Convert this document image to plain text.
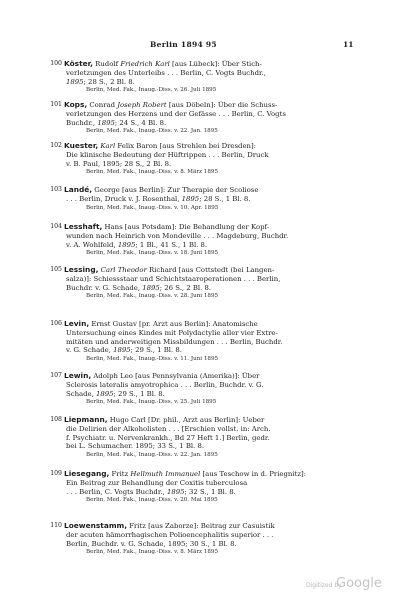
Berlin 1894 95	11
100 Köster, Rudolf Friedrich Karl [aus Lübeck]: Über Stich-
verletzungen des Unterleibs . . . Berlin, C. Vogts Buchdr.,
1895; 28 S., 2 Bl. 8.
Berlin, Med. Fak., Inaug.-Diss. v. 26. Juli 1895
101 Kops, Conrad Joseph Robert [aus Döbeln]: Über die Schuss-
verletzungen des Herzens und der Gefässe . . . Berlin, C. Vogts
Buchdr., 1895; 24 S., 4 Bl. 8.
Berlin, Med. Fak., Inaug.-Diss. v. 22. Jan. 1895
102 Kuester, Karl Felix Baron [aus Strehlen bei Dresden]:
Die klinische Bedeutung der Hüftrippen . . . Berlin, Druck
v. B. Paul, 1895; 28 S., 2 Bl. 8.
Berlin, Med. Fak., Inaug.-Diss. v. 8. März 1895
103 Landé, George [aus Berlin]: Zur Therapie der Scoliose
. . . Berlin, Druck v. J. Rosenthal, 1895; 28 S., 1 Bl. 8.
Berlin, Med. Fak., Inaug.-Diss. v. 10. Apr. 1895
104 Lesshaft, Hans [aus Potsdam]: Die Behandlung der Kopf-
wunden nach Heinrich von Mondeville . . . Magdeburg, Buchdr.
v. A. Wohlfeld, 1895; 1 Bl., 41 S., 1 Bl. 8.
Berlin, Med. Fak., Inaug.-Diss. v. 18. Juni 1895
105 Lessing, Carl Theodor Richard [aus Cottstedt (bei Langen-
salza)]: Schiessstaar und Schichtstaaroperationen . . . Berlin,
Buchdr. v. G. Schade, 1895; 26 S., 2 Bl. 8.
Berlin, Med. Fak., Inaug.-Diss. v. 28. Juni 1895
106 Levin, Ernst Gustav [pr. Arzt aus Berlin]: Anatomische
Untersuchung eines Kindes mit Polydactylie aller vier Extre-
mitäten und anderweitigen Missbildungen . . . Berlin, Buchdr.
v. G. Schade, 1895; 29 S., 1 Bl. 8.
Berlin, Med. Fak., Inaug.-Diss. v. 11. Juni 1895
107 Lewin, Adolph Leo [aus Pennsylvania (Amerika)]: Über
Sclerosis lateralis amyotrophica . . . Berlin, Buchdr. v. G.
Schade, 1895; 29 S., 1 Bl. 8.
Berlin, Med. Fak., Inaug.-Diss. v. 25. Juli 1895
108 Liepmann, Hugo Carl [Dr. phil., Arzt aus Berlin]: Ueber
die Delirien der Alkoholisten . . . [Erschien vollst. in: Arch.
f. Psychiatr. u. Nervenkrankh., Bd 27 Heft 1.] Berlin, gedr.
bei L. Schumacher. 1895; 33 S., 1 Bl. 8.
Berlin, Med. Fak., Inaug.-Diss. v. 22. Jan. 1895
109 Liesegang, Fritz Hellmuth Immanuel [aus Teschow in d. Priegnitz]:
Ein Beitrag zur Behandlung der Coxitis tuberculosa
. . . Berlin, C. Vogts Buchdr., 1895; 32 S., 1 Bl. 8.
Berlin, Med. Fak., Inaug.-Diss. v. 20. Mai 1895
110 Loewenstamm, Fritz [aus Zaborze]: Beitrag zur Casuistik
der acuten hämorrhagischen Polioencephalitis superior . . .
Berlin, Buchdr. v. G. Schade, 1895; 30 S., 1 Bl. 8.
Berlin, Med. Fak., Inaug.-Diss. v. 8. März 1895
Digitized by
Google
